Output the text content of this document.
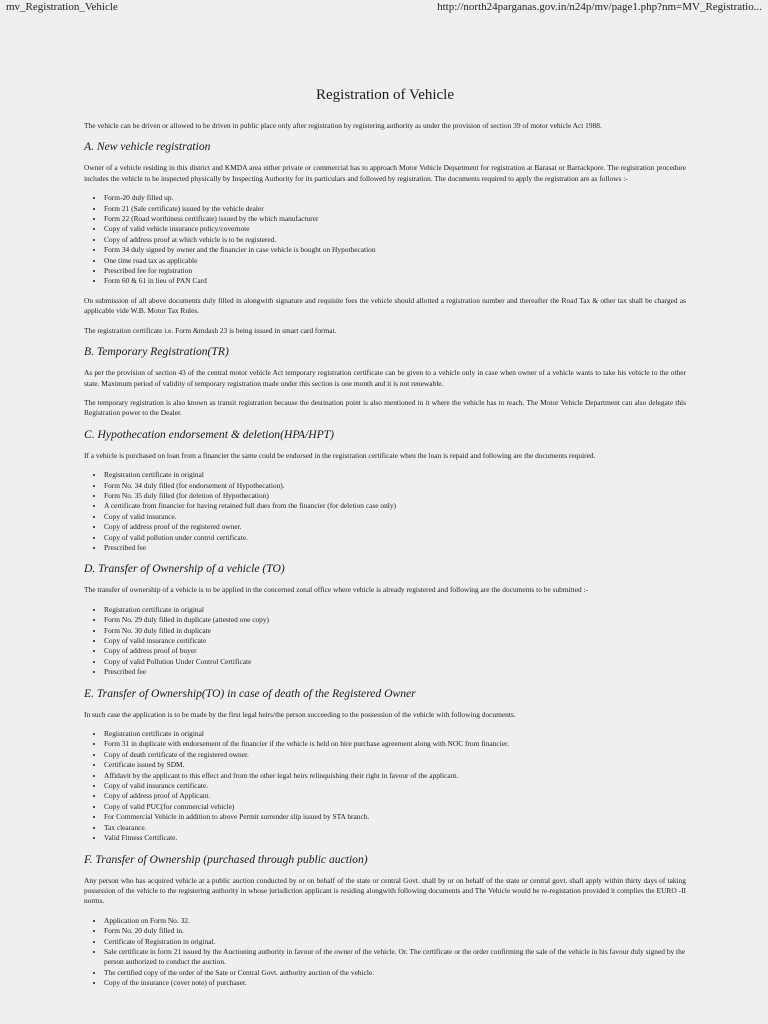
mv_Registration_Vehicle	http://north24parganas.gov.in/n24p/mv/page1.php?nm=MV_Registratio...
Registration of Vehicle

The vehicle can be driven or allowed to be driven in public place only after registration by registering authority as under the provision of section 39 of motor vehicle Act 1988.

A. New vehicle registration

Owner of a vehicle residing in this district and KMDA area either private or commercial has to approach Motor Vehicle Department for registration at Barasat or Barrackpore. The registration procedure includes the vehicle to be inspected physically by Inspecting Authority for its particulars and followed by registration. The documents required to apply the registration are as follows :-

• Form-20 duly filled up.
• Form 21 (Sale certificate) issued by the vehicle dealer
• Form 22 (Road worthiness certificate) issued by the which manufacturer
• Copy of valid vehicle insurance policy/covernote
• Copy of address proof at which vehicle is to be registered.
• Form 34 duly signed by owner and the financier in case vehicle is bought on Hypothecation
• One time road tax as applicable
• Prescribed fee for registration
• Form 60 & 61 in lieu of PAN Card

On submission of all above documents duly filled in alongwith signature and requisite fees the vehicle should allotted a registration number and thereafter the Road Tax & other tax shall be charged as applicable vide W.B. Motor Tax Rules.

The registration certificate i.e. Form &mdash 23 is being issued in smart card format.

B. Temporary Registration(TR)

As per the provision of section 43 of the central motor vehicle Act temporary registration certificate can be given to a vehicle only in case when owner of a vehicle wants to take his vehicle to the other state. Maximum period of validity of temporary registration made under this section is one month and it is not renewable.

The temporary registration is also known as transit registration because the destination point is also mentioned in it where the vehicle has to reach. The Motor Vehicle Department can also delegate this Registration power to the Dealer.

C. Hypothecation endorsement & deletion(HPA/HPT)

If a vehicle is purchased on loan from a financier the same could be endorsed in the registration certificate when the loan is repaid and following are the documents required.

• Registration certificate in original
• Form No. 34 duly filled (for endorsement of Hypothecation).
• Form No. 35 duly filled (for deletion of Hypothecation)
• A certificate from financier for having retained full dues from the financier (for deletion case only)
• Copy of valid insurance.
• Copy of address proof of the registered owner.
• Copy of valid pollution under control certificate.
• Prescribed fee
D. Transfer of Ownership of a vehicle (TO)

The transfer of ownership of a vehicle is to be applied in the concerned zonal office where vehicle is already registered and following are the documents to be submitted :-

• Registration certificate in original
• Form No. 29 duly filled in duplicate (attested one copy)
• Form No. 30 duly filled in duplicate
• Copy of valid insurance certificate
• Copy of address proof of buyer
• Copy of valid Pollution Under Control Certificate
• Prescribed fee
E. Transfer of Ownership(TO) in case of death of the Registered Owner

In such case the application is to be made by the first legal heirs/the person succeeding to the possession of the vehicle with following documents.

• Registration certificate in original
• Form 31 in duplicate with endorsement of the financier if the vehicle is held on hire purchase agreement along with NOC from financier.
• Copy of death certificate of the registered owner.
• Certificate issued by SDM.
• Affidavit by the applicant to this effect and from the other legal heirs relinquishing their right in favour of the applicant.
• Copy of valid insurance certificate.
• Copy of address proof of Applicant.
• Copy of valid PUC(for commercial vehicle)
• For Commercial Vehicle in addition to above Permit surrender slip issued by STA branch.
• Tax clearance.
• Valid Fitness Certificate.
F. Transfer of Ownership (purchased through public auction)

Any person who has acquired vehicle at a public auction conducted by or on behalf of the state or central Govt. shall by or on behalf of the state or central govt. shall apply within thirty days of taking possession of the vehicle to the registering authority in whose jurisdiction applicant is residing alongwith following documents and The Vehicle would be re-registation provided it complies the EURO -II norms.

• Application on Form No. 32.
• Form No. 20 duly filled in.
• Certificate of Registration in original.
• Sale certificate in form 21 issued by the Auctioning authority in favour of the owner of the vehicle. Or. The certificate or the order confirming the sale of the vehicle in his favour duly signed by the person authorized to conduct the auction.
• The certified copy of the order of the Sate or Central Govt. authority auction of the vehicle.
• Copy of the insurance (cover note) of purchaser.
